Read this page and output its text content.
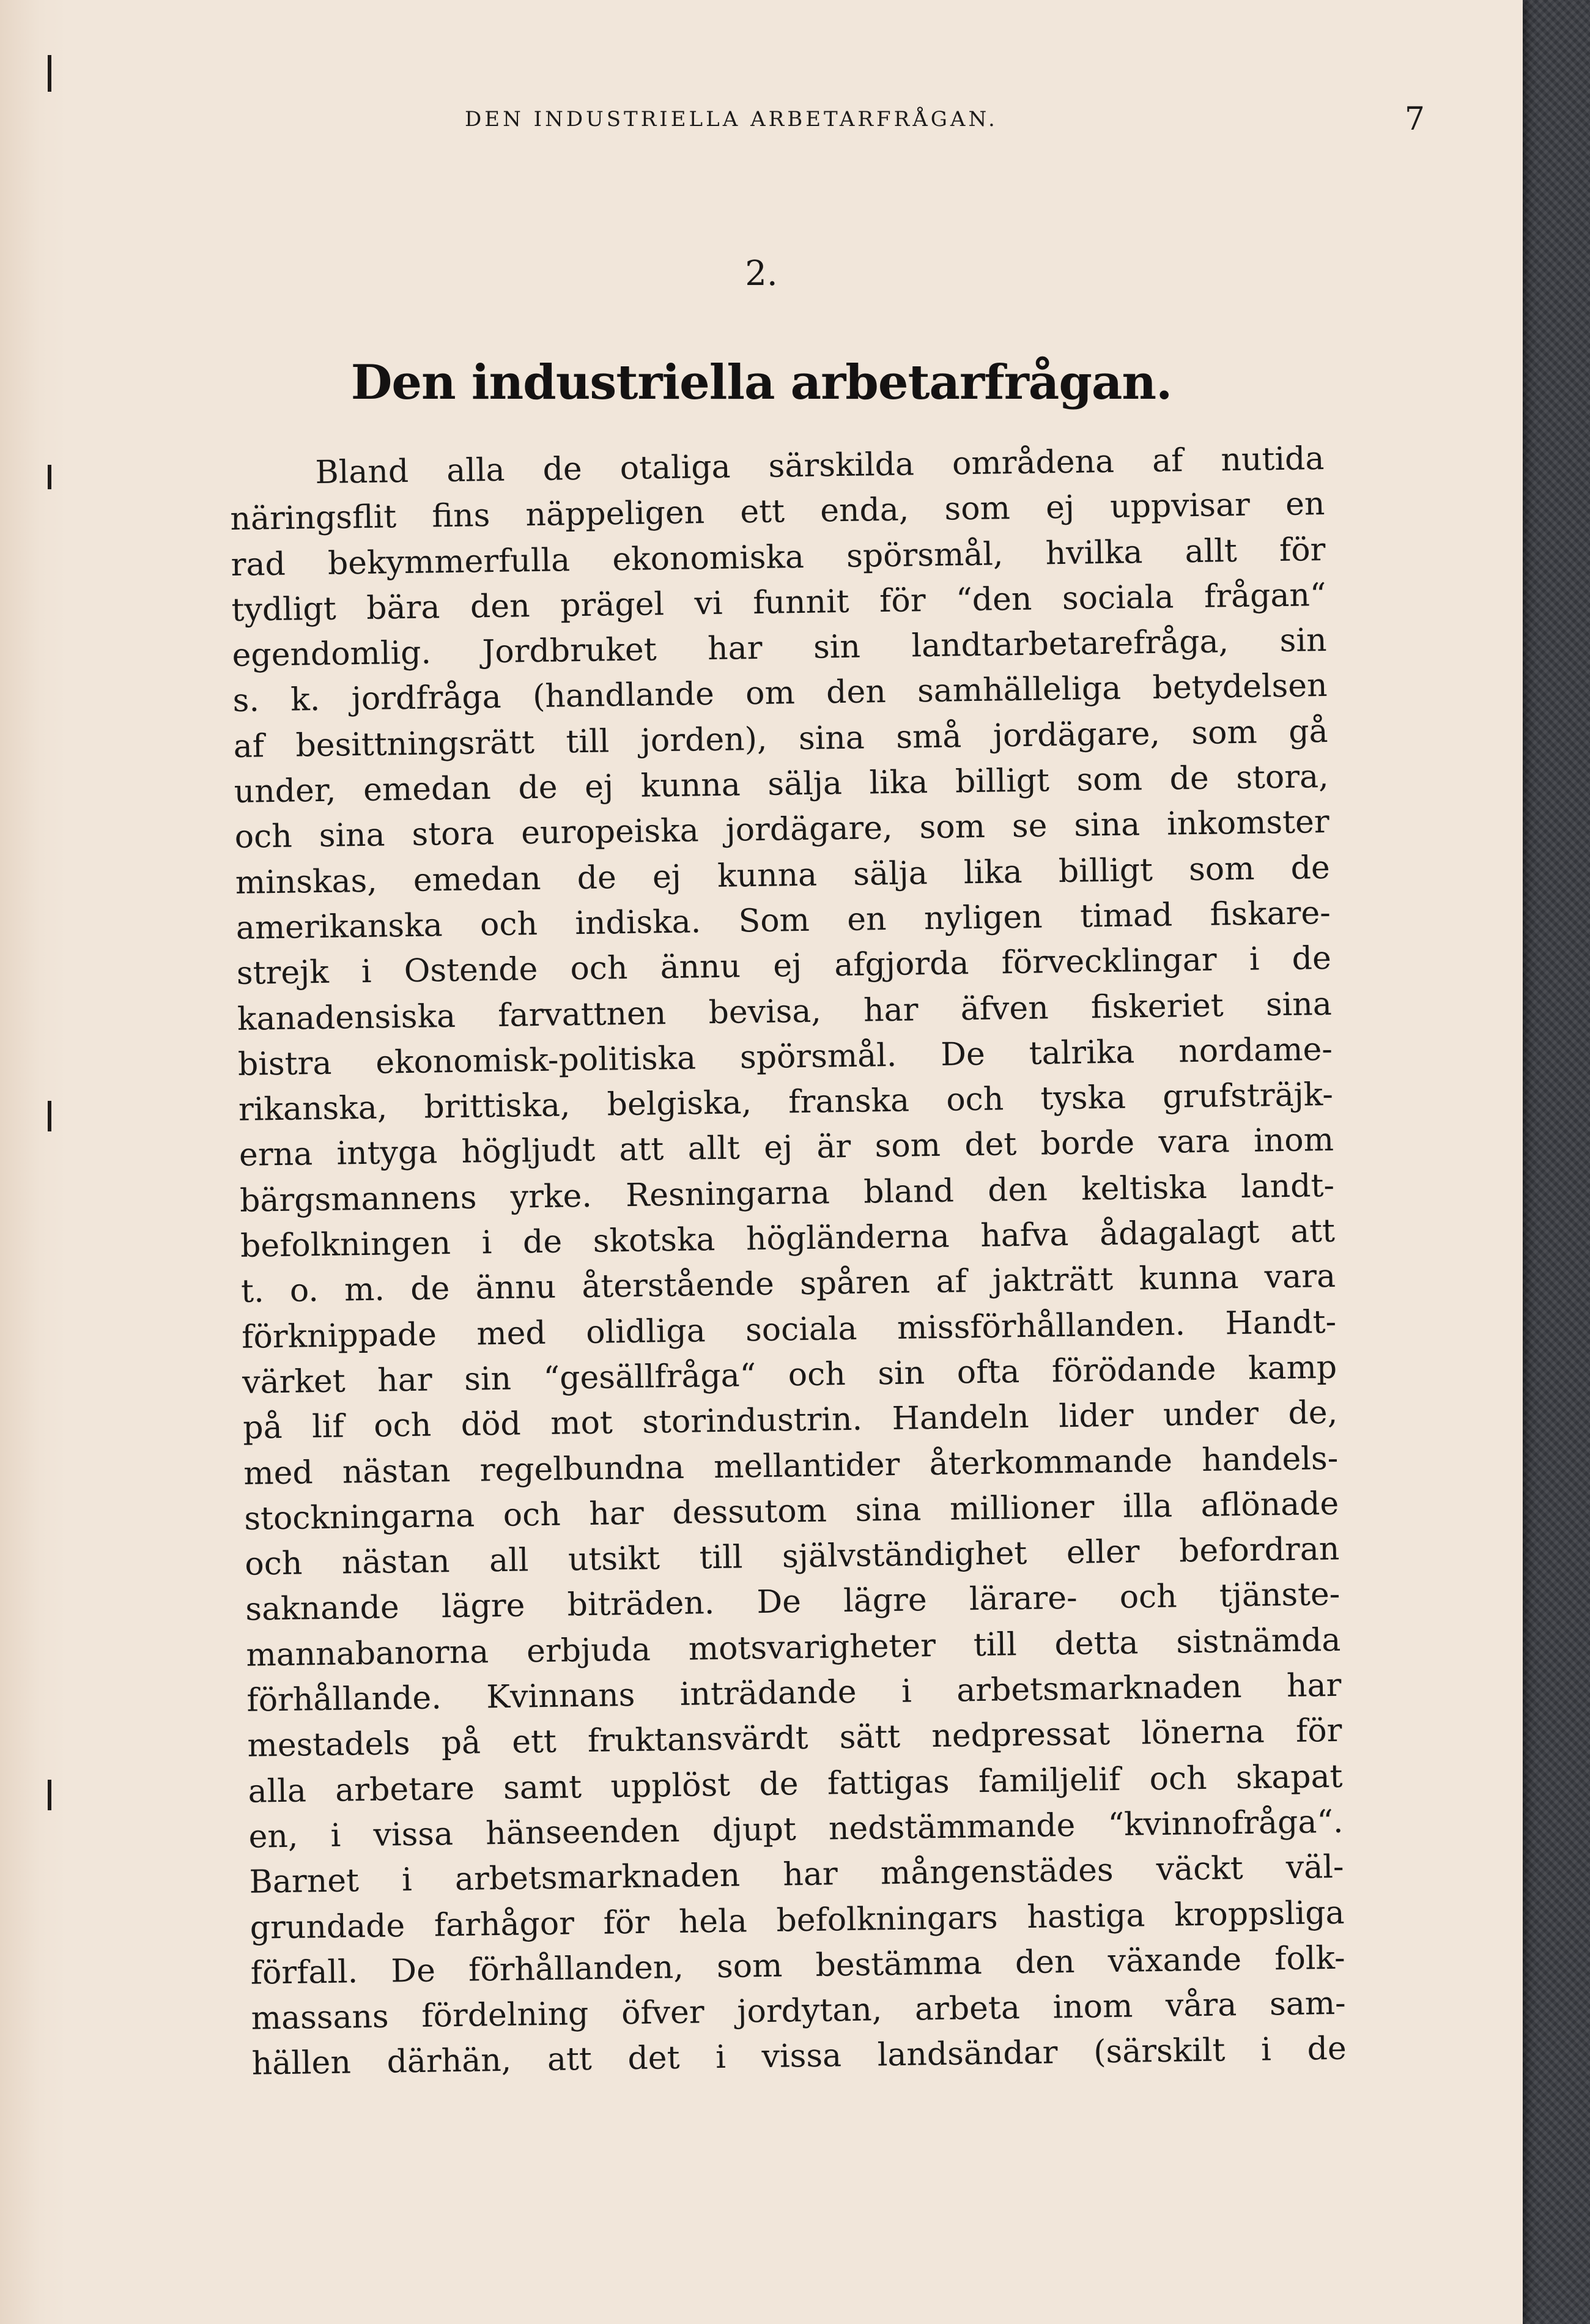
DEN INDUSTRIELLA ARBETARFRÅGAN.	7
2.
Den industriella arbetarfrågan.
Bland alla de otaliga särskilda områdena af nutida
näringsflit fins näppeligen ett enda, som ej uppvisar en
rad bekymmerfulla ekonomiska spörsmål, hvilka allt för
tydligt bära den prägel vi funnit för “den sociala frågan“
egendomlig. Jordbruket har sin landtarbetarefråga, sin
s. k. jordfråga (handlande om den samhälleliga betydelsen
af besittningsrätt till jorden), sina små jordägare, som gå
under, emedan de ej kunna sälja lika billigt som de stora,
och sina stora europeiska jordägare, som se sina inkomster
minskas, emedan de ej kunna sälja lika billigt som de
amerikanska och indiska. Som en nyligen timad fiskare-
strejk i Ostende och ännu ej afgjorda förvecklingar i de
kanadensiska farvattnen bevisa, har äfven fiskeriet sina
bistra ekonomisk-politiska spörsmål. De talrika nordame-
rikanska, brittiska, belgiska, franska och tyska grufsträjk-
erna intyga högljudt att allt ej är som det borde vara inom
bärgsmannens yrke. Resningarna bland den keltiska landt-
befolkningen i de skotska högländerna hafva ådagalagt att
t. o. m. de ännu återstående spåren af jakträtt kunna vara
förknippade med olidliga sociala missförhållanden. Handt-
värket har sin “gesällfråga“ och sin ofta förödande kamp
på lif och död mot storindustrin. Handeln lider under de,
med nästan regelbundna mellantider återkommande handels-
stockningarna och har dessutom sina millioner illa aflönade
och nästan all utsikt till självständighet eller befordran
saknande lägre biträden. De lägre lärare- och tjänste-
mannabanorna erbjuda motsvarigheter till detta sistnämda
förhållande. Kvinnans inträdande i arbetsmarknaden har
mestadels på ett fruktansvärdt sätt nedpressat lönerna för
alla arbetare samt upplöst de fattigas familjelif och skapat
en, i vissa hänseenden djupt nedstämmande “kvinnofråga“.
Barnet i arbetsmarknaden har mångenstädes väckt väl-
grundade farhågor för hela befolkningars hastiga kroppsliga
förfall. De förhållanden, som bestämma den växande folk-
massans fördelning öfver jordytan, arbeta inom våra sam-
hällen därhän, att det i vissa landsändar (särskilt i de
